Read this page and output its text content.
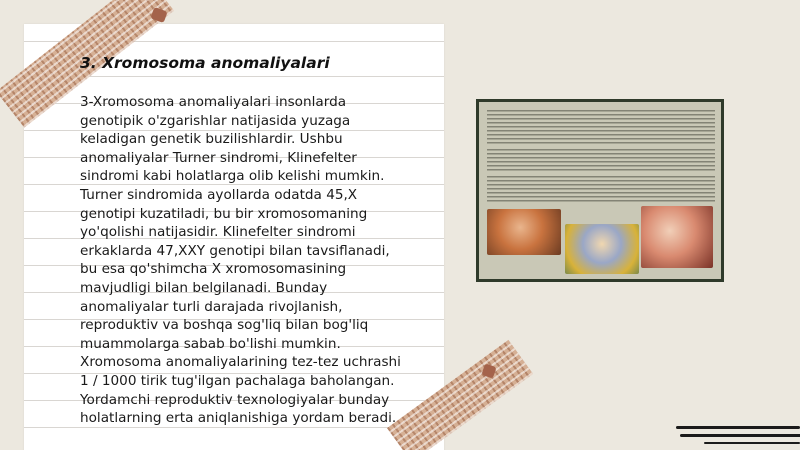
3. Xromosoma anomaliyalari

3-Xromosoma anomaliyalari insonlarda genotipik o'zgarishlar natijasida yuzaga keladigan genetik buzilishlardir. Ushbu anomaliyalar Turner sindromi, Klinefelter sindromi kabi holatlarga olib kelishi mumkin. Turner sindromida ayollarda odatda 45,X genotipi kuzatiladi, bu bir xromosomaning yo'qolishi natijasidir. Klinefelter sindromi erkaklarda 47,XXY genotipi bilan tavsiflanadi, bu esa qo'shimcha X xromosomasining mavjudligi bilan belgilanadi. Bunday anomaliyalar turli darajada rivojlanish, reproduktiv va boshqa sog'liq bilan bog'liq muammolarga sabab bo'lishi mumkin. Xromosoma anomaliyalarining tez-tez uchrashi 1 / 1000 tirik tug'ilgan pachalaga baholangan. Yordamchi reproduktiv texnologiyalar bunday holatlarning erta aniqlanishiga yordam beradi.
